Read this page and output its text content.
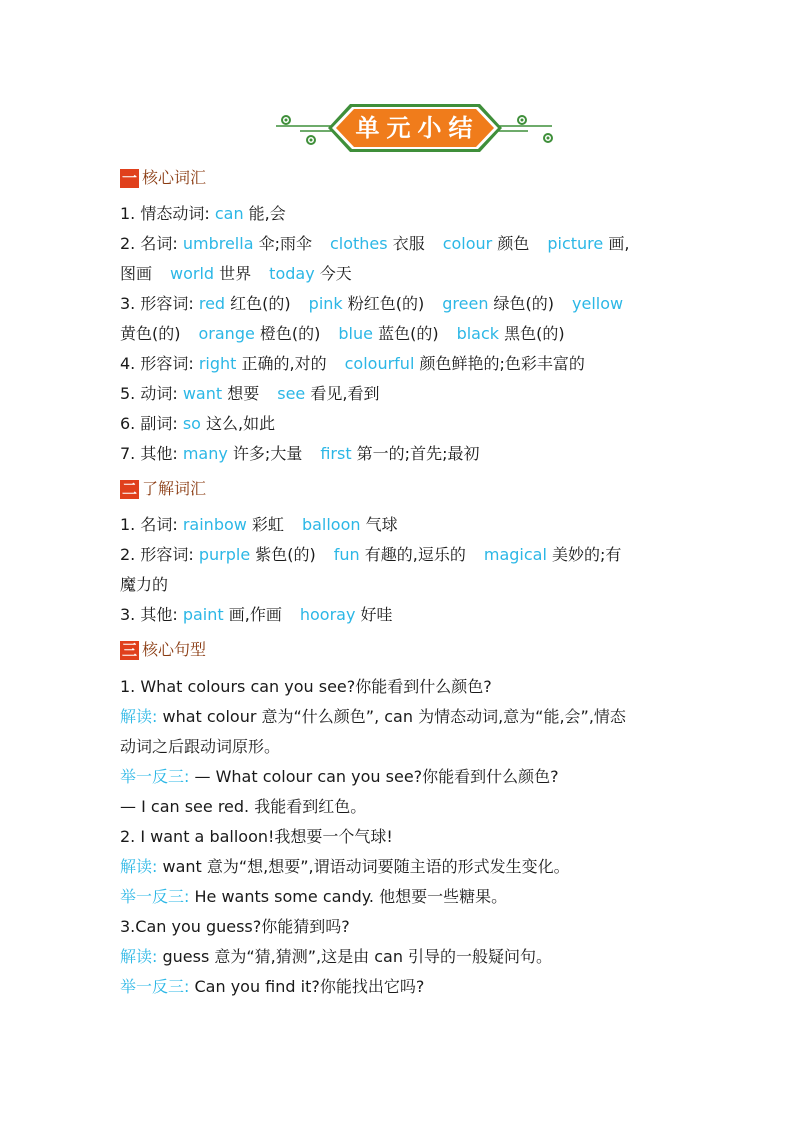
单元小结
一 核心词汇
1. 情态动词: can 能,会
2. 名词: umbrella 伞;雨伞 clothes 衣服 colour 颜色 picture 画,
图画 world 世界 today 今天
3. 形容词: red 红色(的) pink 粉红色(的) green 绿色(的) yellow
黄色(的) orange 橙色(的) blue 蓝色(的) black 黑色(的)
4. 形容词: right 正确的,对的 colourful 颜色鲜艳的;色彩丰富的
5. 动词: want 想要 see 看见,看到
6. 副词: so 这么,如此
7. 其他: many 许多;大量 first 第一的;首先;最初
二 了解词汇
1. 名词: rainbow 彩虹 balloon 气球
2. 形容词: purple 紫色(的) fun 有趣的,逗乐的 magical 美妙的;有
魔力的
3. 其他: paint 画,作画 hooray 好哇
三 核心句型
1. What colours can you see?你能看到什么颜色?
解读: what colour 意为“什么颜色”, can 为情态动词,意为“能,会”,情态
动词之后跟动词原形。
举一反三: — What colour can you see?你能看到什么颜色?
— I can see red. 我能看到红色。
2. I want a balloon!我想要一个气球!
解读: want 意为“想,想要”,谓语动词要随主语的形式发生变化。
举一反三: He wants some candy. 他想要一些糖果。
3.Can you guess?你能猜到吗?
解读: guess 意为“猜,猜测”,这是由 can 引导的一般疑问句。
举一反三: Can you find it?你能找出它吗?
